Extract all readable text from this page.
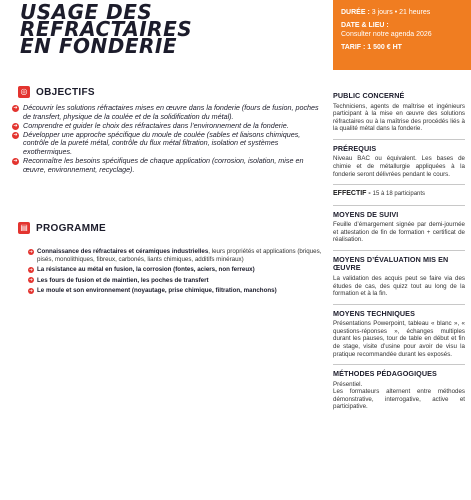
USAGE DES
RÉFRACTAIRES
EN FONDERIE
DURÉE : 3 jours • 21 heures
DATE & LIEU :
Consulter notre agenda 2026
TARIF : 1 500 € HT
◎ OBJECTIFS
➜ Découvrir les solutions réfractaires mises en œuvre dans la fonderie (fours de fusion, poches de transfert, physique de la coulée et de la solidification du métal).
➜ Comprendre et guider le choix des réfractaires dans l’environnement de la fonderie.
➜ Développer une approche spécifique du moule de coulée (sables et liaisons chimiques, contrôle de la pureté métal, contrôle du flux métal filtration, isolation et systèmes exothermiques.
➜ Reconnaître les besoins spécifiques de chaque application (corrosion, isolation, mise en œuvre, environnement, recyclage).
▤ PROGRAMME
➜ Connaissance des réfractaires et céramiques industrielles, leurs propriétés et applications (briques, pisés, monolithiques, fibreux, carbonés, liants chimiques, additifs minéraux)
➜ La résistance au métal en fusion, la corrosion (fontes, aciers, non ferreux)
➜ Les fours de fusion et de maintien, les poches de transfert
➜ Le moule et son environnement (noyautage, prise chimique, filtration, manchons)
PUBLIC CONCERNÉ
Techniciens, agents de maîtrise et ingénieurs participant à la mise en œuvre des solutions réfractaires ou à la maîtrise des procédés liés à la qualité métal dans la fonderie.
PRÉREQUIS
Niveau BAC ou équivalent. Les bases de chimie et de métallurgie appliquées à la fonderie seront délivrées pendant le cours.
EFFECTIF - 15 à 18 participants
MOYENS DE SUIVI
Feuille d’émargement signée par demi-journée et attestation de fin de formation + certificat de réalisation.
MOYENS D’ÉVALUATION MIS EN ŒUVRE
La validation des acquis peut se faire via des études de cas, des quizz tout au long de la formation et à la fin.
MOYENS TECHNIQUES
Présentations Powerpoint, tableau « blanc », « questions-réponses », échanges multiples durant les pauses, tour de table en début et fin de stage, visite d’usine pour avoir de visu la pratique recommandée durant les exposés.
MÉTHODES PÉDAGOGIQUES
Présentiel.
Les formateurs alternent entre méthodes démonstrative, interrogative, active et participative.
